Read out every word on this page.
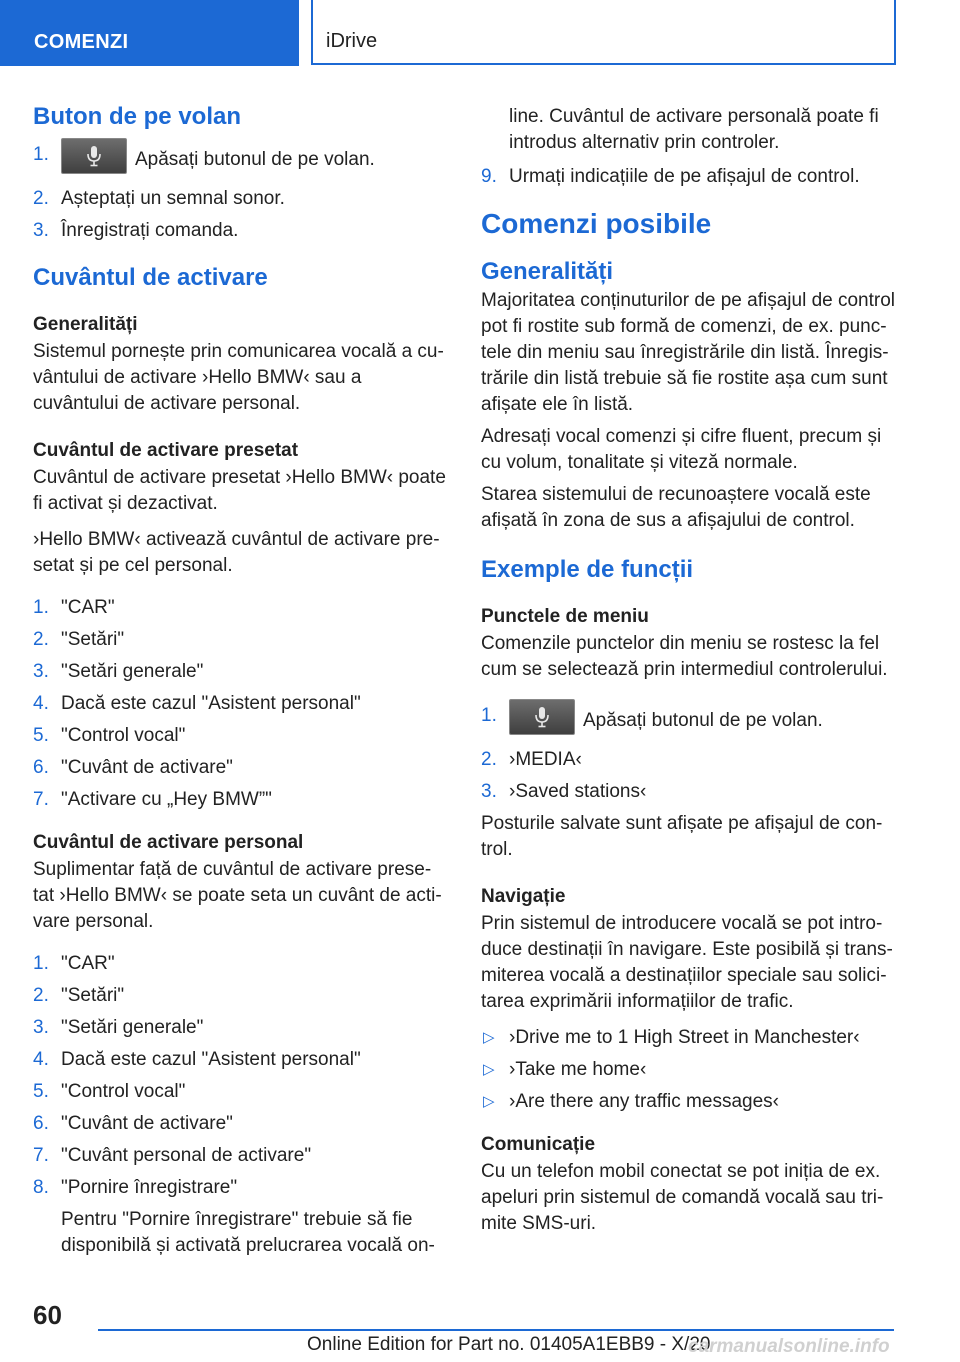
COMENZI	iDrive
Buton de pe volan
1.	Apăsați butonul de pe volan.
2. Așteptați un semnal sonor.
3. Înregistrați comanda.
Cuvântul de activare
Generalități

Sistemul pornește prin comunicarea vocală a cu-vântului de activare ›Hello BMW‹ sau a cuvântului de activare personal.

Cuvântul de activare presetat

Cuvântul de activare presetat ›Hello BMW‹ poate fi activat și dezactivat.

›Hello BMW‹ activează cuvântul de activare pre-setat și pe cel personal.

1. "CAR"
2. "Setări"
3. "Setări generale"
4. Dacă este cazul "Asistent personal"
5. "Control vocal"
6. "Cuvânt de activare"
7. "Activare cu „Hey BMW”"
Cuvântul de activare personal

Suplimentar față de cuvântul de activare prese-tat ›Hello BMW‹ se poate seta un cuvânt de acti-vare personal.

1. "CAR"
2. "Setări"
3. "Setări generale"
4. Dacă este cazul "Asistent personal"
5. "Control vocal"
6. "Cuvânt de activare"
7. "Cuvânt personal de activare"
8. "Pornire înregistrare"
Pentru "Pornire înregistrare" trebuie să fie disponibilă și activată prelucrarea vocală on-

line. Cuvântul de activare personală poate fi introdus alternativ prin controler.

9. Urmați indicațiile de pe afișajul de control.
Comenzi posibile
Generalități

Majoritatea conținuturilor de pe afișajul de control pot fi rostite sub formă de comenzi, de ex. punc-tele din meniu sau înregistrările din listă. Înregis-trările din listă trebuie să fie rostite așa cum sunt afișate ele în listă.

Adresați vocal comenzi și cifre fluent, precum și cu volum, tonalitate și viteză normale.

Starea sistemului de recunoaștere vocală este afișată în zona de sus a afișajului de control.

Exemple de funcții
Punctele de meniu

Comenzile punctelor din meniu se rostesc la fel cum se selectează prin intermediul controlerului.

1.	Apăsați butonul de pe volan.
2. ›MEDIA‹
3. ›Saved stations‹

Posturile salvate sunt afișate pe afișajul de con-trol.

Navigație

Prin sistemul de introducere vocală se pot intro-duce destinații în navigare. Este posibilă și trans-miterea vocală a destinațiilor speciale sau solici-tarea exprimării informațiilor de trafic.

▷ ›Drive me to 1 High Street in Manchester‹
▷ ›Take me home‹
▷ ›Are there any traffic messages‹
Comunicație

Cu un telefon mobil conectat se pot iniția de ex. apeluri prin sistemul de comandă vocală sau tri-mite SMS-uri.

60
Online Edition for Part no. 01405A1EBB9 - X/20
carmanualsonline.info
